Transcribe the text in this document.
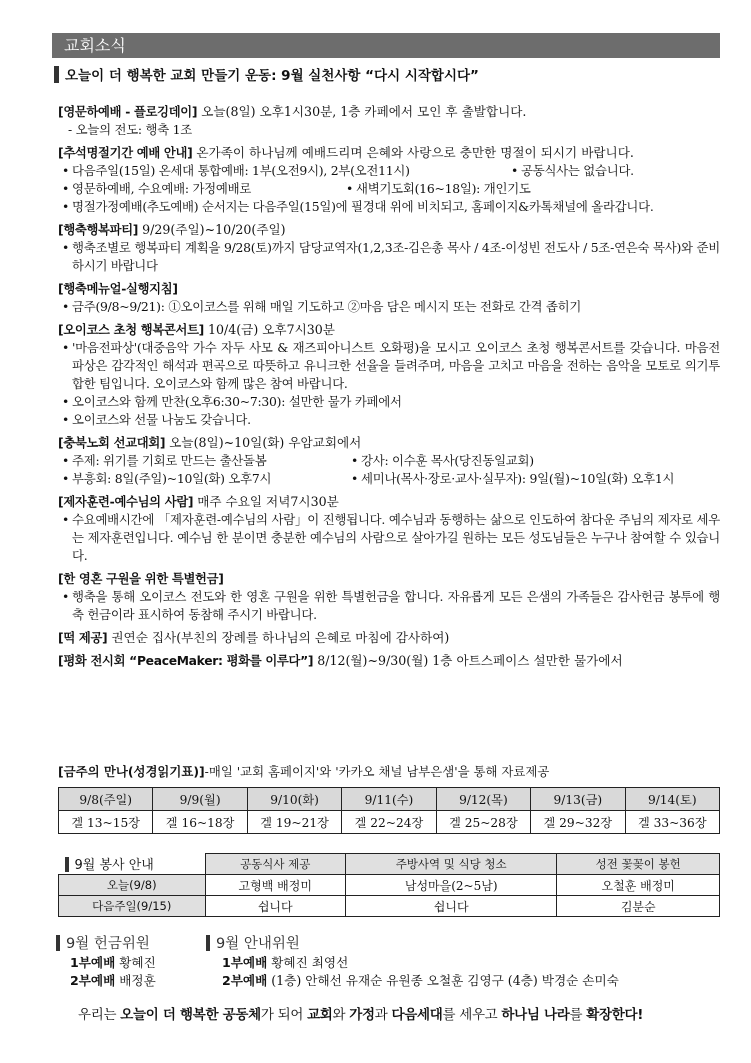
교회소식
오늘이 더 행복한 교회 만들기 운동: 9월 실천사항 “다시 시작합시다”
[영문하예배 - 플로깅데이] 오늘(8일) 오후1시30분, 1층 카페에서 모인 후 출발합니다.
- 오늘의 전도: 행축 1조
[추석명절기간 예배 안내] 온가족이 하나님께 예배드리며 은혜와 사랑으로 충만한 명절이 되시기 바랍니다.
• 다음주일(15일) 온세대 통합예배: 1부(오전9시), 2부(오전11시)	• 공동식사는 없습니다.
• 영문하예배, 수요예배: 가정예배로	• 새벽기도회(16~18일): 개인기도
• 명절가정예배(추도예배) 순서지는 다음주일(15일)에 필경대 위에 비치되고, 홈페이지&카톡채널에 올라갑니다.
[행축행복파티] 9/29(주일)~10/20(주일)
• 행축조별로 행복파티 계획을 9/28(토)까지 담당교역자(1,2,3조-김은총 목사 / 4조-이성빈 전도사 / 5조-연은숙 목사)와 준비하시기 바랍니다
[행축메뉴얼-실행지침]
• 금주(9/8~9/21): ①오이코스를 위해 매일 기도하고 ②마음 담은 메시지 또는 전화로 간격 좁히기
[오이코스 초청 행복콘서트] 10/4(금) 오후7시30분
• '마음전파상'(대중음악 가수 자두 사모 & 재즈피아니스트 오화평)을 모시고 오이코스 초청 행복콘서트를 갖습니다. 마음전파상은 감각적인 해석과 편곡으로 따뜻하고 유니크한 선율을 들려주며, 마음을 고치고 마음을 전하는 음악을 모토로 의기투합한 팀입니다. 오이코스와 함께 많은 참여 바랍니다.
• 오이코스와 함께 만찬(오후6:30~7:30): 설만한 물가 카페에서
• 오이코스와 선물 나눔도 갖습니다.
[충북노회 선교대회] 오늘(8일)~10일(화) 우암교회에서
• 주제: 위기를 기회로 만드는 출산돌봄	• 강사: 이수훈 목사(당진동일교회)
• 부흥회: 8일(주일)~10일(화) 오후7시	• 세미나(목사·장로·교사·실무자): 9일(월)~10일(화) 오후1시
[제자훈련-예수님의 사람] 매주 수요일 저녁7시30분
• 수요예배시간에 「제자훈련-예수님의 사람」이 진행됩니다. 예수님과 동행하는 삶으로 인도하여 참다운 주님의 제자로 세우는 제자훈련입니다. 예수님 한 분이면 충분한 예수님의 사람으로 살아가길 원하는 모든 성도님들은 누구나 참여할 수 있습니다.
[한 영혼 구원을 위한 특별헌금]
• 행축을 통해 오이코스 전도와 한 영혼 구원을 위한 특별헌금을 합니다. 자유롭게 모든 은샘의 가족들은 감사헌금 봉투에 행축 헌금이라 표시하여 동참해 주시기 바랍니다.
[떡 제공] 권연순 집사(부친의 장례를 하나님의 은혜로 마침에 감사하여)
[평화 전시회 “PeaceMaker: 평화를 이루다”] 8/12(월)~9/30(월) 1층 아트스페이스 설만한 물가에서
[금주의 만나(성경읽기표)]-매일 '교회 홈페이지'와 '카카오 채널 남부은샘'을 통해 자료제공
9/8(주일)	9/9(월)	9/10(화)	9/11(수)	9/12(목)	9/13(금)	9/14(토)
겔 13~15장	겔 16~18장	겔 19~21장	겔 22~24장	겔 25~28장	겔 29~32장	겔 33~36장
9월 봉사 안내	공동식사 제공	주방사역 및 식당 청소	성전 꽃꽂이 봉헌
오늘(9/8)	고형백 배정미	남성마을(2~5남)	오철훈 배정미
다음주일(9/15)	쉽니다	쉽니다	김분순
9월 헌금위원
1부예배 황혜진
2부예배 배정훈
9월 안내위원
1부예배 황혜진 최영선
2부예배 (1층) 안해선 유재순 유원종 오철훈 김영구 (4층) 박경순 손미숙
우리는 오늘이 더 행복한 공동체가 되어 교회와 가정과 다음세대를 세우고 하나님 나라를 확장한다!
